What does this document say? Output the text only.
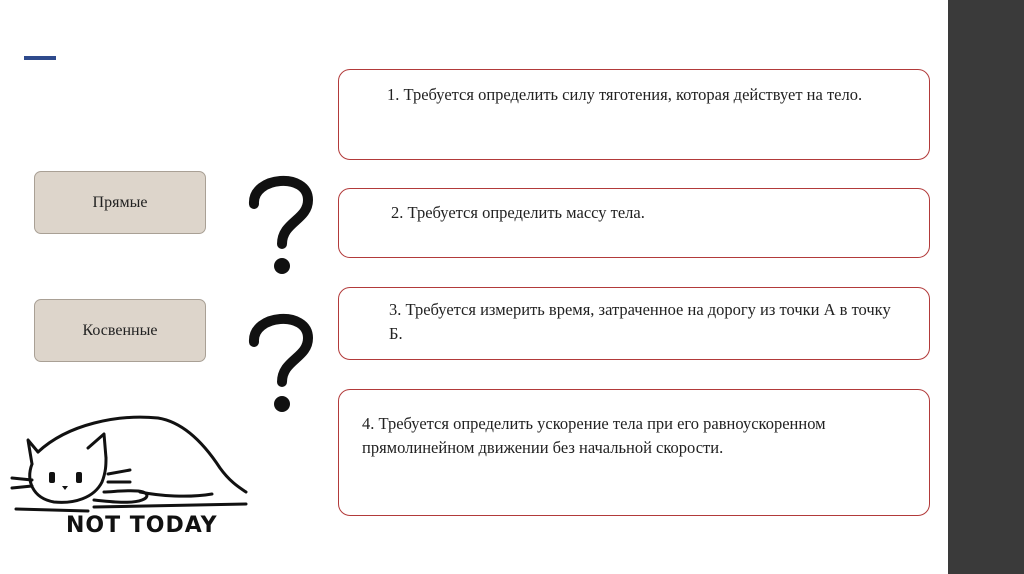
Прямые
Косвенные
1. Требуется определить силу тяготения, которая действует на тело.
2. Требуется определить массу тела.
3. Требуется измерить время, затраченное на дорогу из точки А в точку Б.
4. Требуется определить ускорение тела при его равноускоренном прямолинейном движении без начальной скорости.
NOT TODAY
